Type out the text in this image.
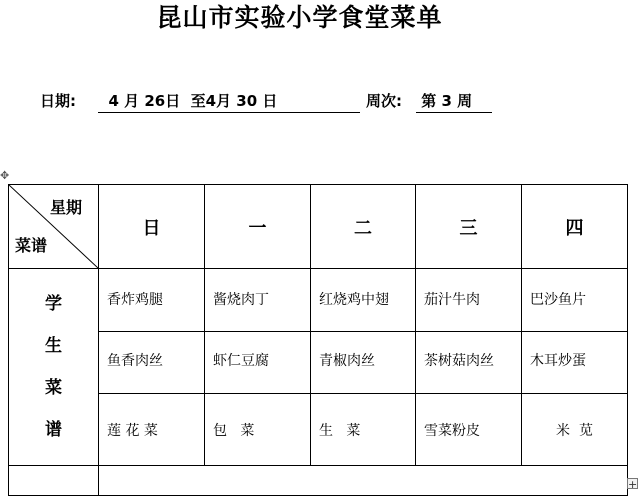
昆山市实验小学食堂菜单
日期: 4 月 26日  至4月 30 日	周次: 第 3 周
✥
星期
菜谱	日	一	二	三	四

学
生
菜
谱	香炸鸡腿	酱烧肉丁	红烧鸡中翅	茄汁牛肉	巴沙鱼片
	鱼香肉丝	虾仁豆腐	青椒肉丝	茶树菇肉丝	木耳炒蛋
	莲 花 菜	包   菜	生   菜	雪菜粉皮	米  苋

+
